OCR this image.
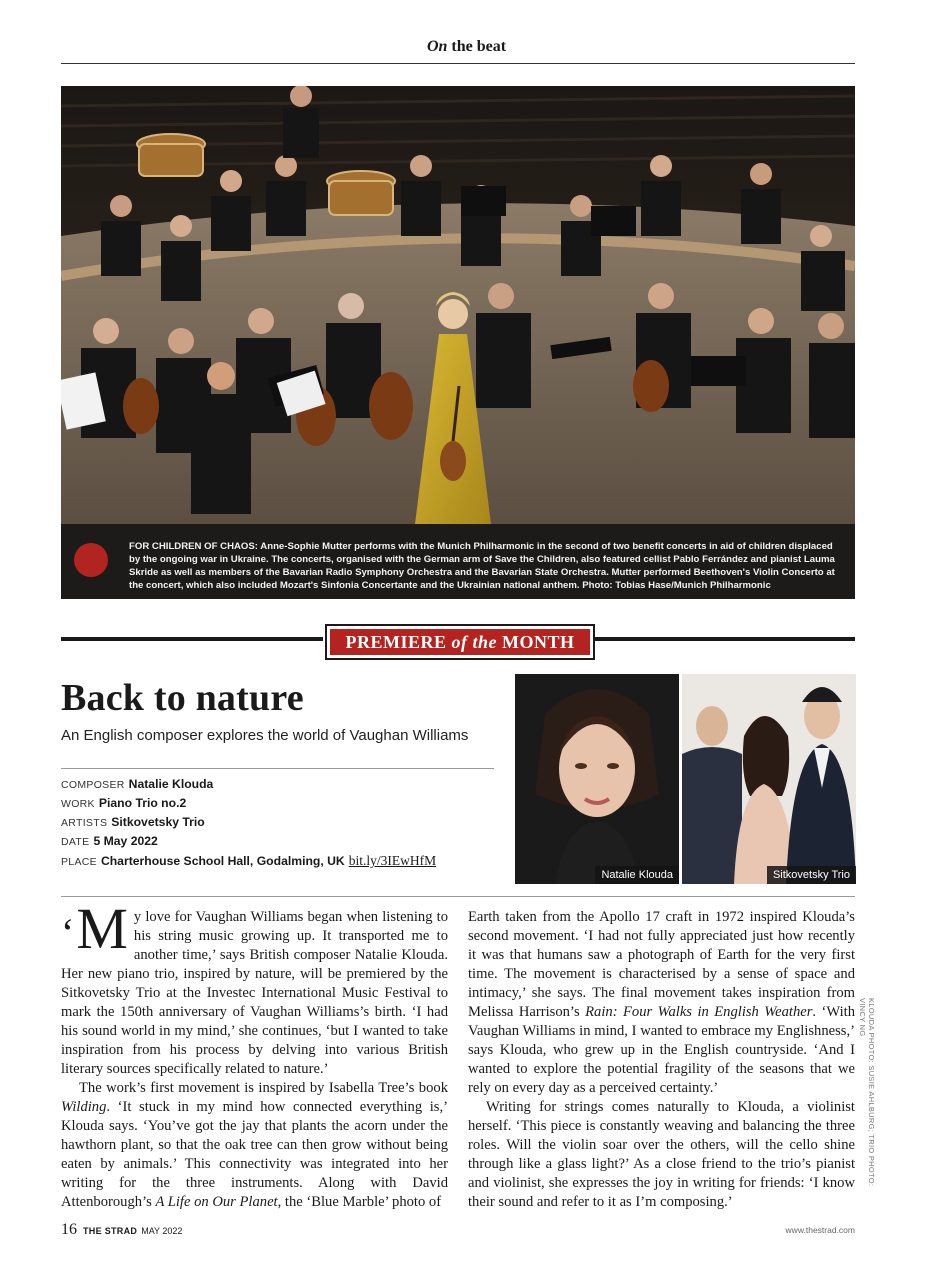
On the beat
FOR CHILDREN OF CHAOS: Anne-Sophie Mutter performs with the Munich Philharmonic in the second of two benefit concerts in aid of children displaced by the ongoing war in Ukraine. The concerts, organised with the German arm of Save the Children, also featured cellist Pablo Ferrández and pianist Lauma Skride as well as members of the Bavarian Radio Symphony Orchestra and the Bavarian State Orchestra. Mutter performed Beethoven's Violin Concerto at the concert, which also included Mozart's Sinfonia Concertante and the Ukrainian national anthem. Photo: Tobias Hase/Munich Philharmonic
PREMIERE of the MONTH
Back to nature
An English composer explores the world of Vaughan Williams
COMPOSER Natalie Klouda
WORK Piano Trio no.2
ARTISTS Sitkovetsky Trio
DATE 5 May 2022
PLACE Charterhouse School Hall, Godalming, UK bit.ly/3IEwHfM
Natalie Klouda	Sitkovetsky Trio

‘M y love for Vaughan Williams began when listening to his string music growing up. It transported me to another time,’ says British composer Natalie Klouda. Her new piano trio, inspired by nature, will be premiered by the Sitkovetsky Trio at the Investec International Music Festival to mark the 150th anniversary of Vaughan Williams’s birth. ‘I had his sound world in my mind,’ she continues, ‘but I wanted to take inspiration from his process by delving into various British literary sources specifically related to nature.’

The work’s first movement is inspired by Isabella Tree’s book Wilding. ‘It stuck in my mind how connected everything is,’ Klouda says. ‘You’ve got the jay that plants the acorn under the hawthorn plant, so that the oak tree can then grow without being eaten by animals.’ This connectivity was integrated into her writing for the three instruments. Along with David Attenborough’s A Life on Our Planet, the ‘Blue Marble’ photo of

Earth taken from the Apollo 17 craft in 1972 inspired Klouda’s second movement. ‘I had not fully appreciated just how recently it was that humans saw a photograph of Earth for the very first time. The movement is characterised by a sense of space and intimacy,’ she says. The final movement takes inspiration from Melissa Harrison’s Rain: Four Walks in English Weather. ‘With Vaughan Williams in mind, I wanted to embrace my Englishness,’ says Klouda, who grew up in the English countryside. ‘And I wanted to explore the potential fragility of the seasons that we rely on every day as a perceived certainty.’

Writing for strings comes naturally to Klouda, a violinist herself. ‘This piece is constantly weaving and balancing the three roles. Will the violin soar over the others, will the cello shine through like a glass light?’ As a close friend to the trio’s pianist and violinist, she expresses the joy in writing for friends: ‘I know their sound and refer to it as I’m composing.’

KLOUDA PHOTO: SUSIE AHLBURG; TRIO PHOTO: VINCY NG
16 THE STRAD MAY 2022	www.thestrad.com
